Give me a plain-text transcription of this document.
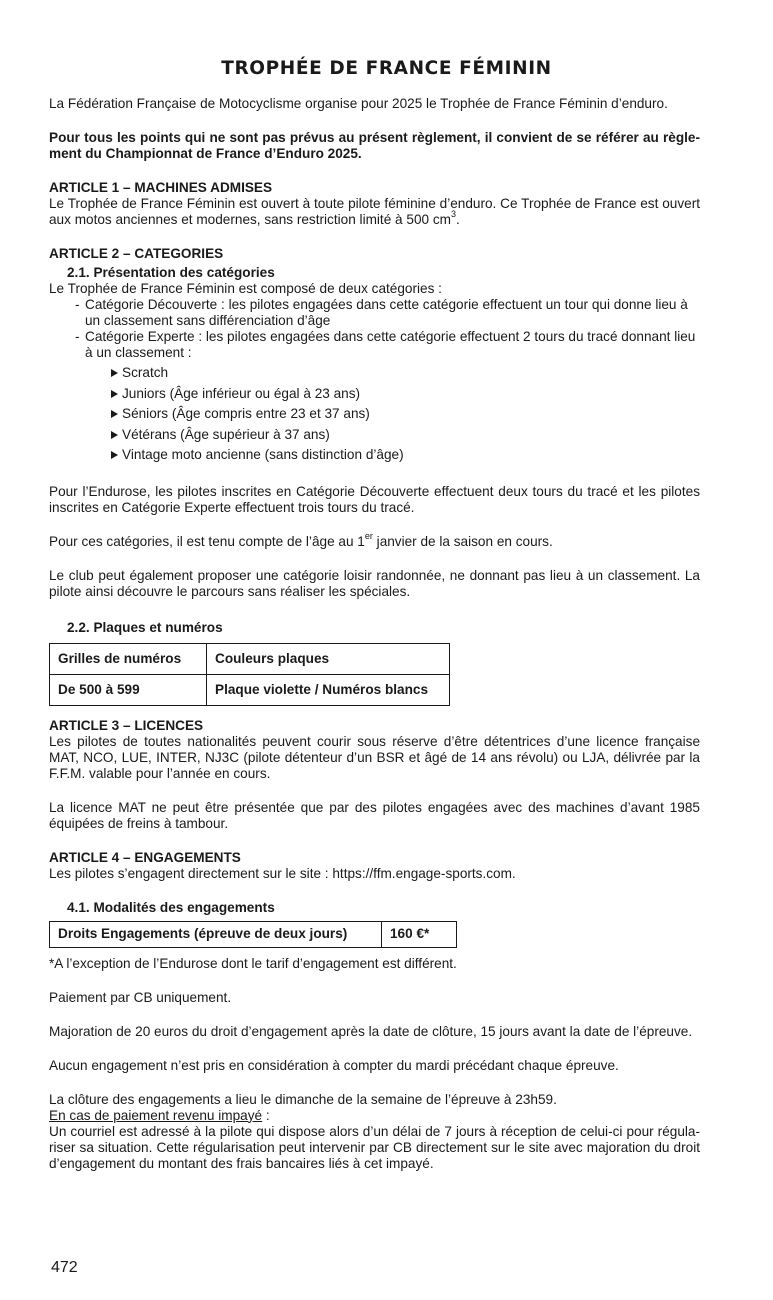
TROPHÉE DE FRANCE FÉMININ

La Fédération Française de Motocyclisme organise pour 2025 le Trophée de France Féminin d’enduro.

Pour tous les points qui ne sont pas prévus au présent règlement, il convient de se référer au règle-ment du Championnat de France d’Enduro 2025.

ARTICLE 1 – MACHINES ADMISES

Le Trophée de France Féminin est ouvert à toute pilote féminine d’enduro. Ce Trophée de France est ouvert aux motos anciennes et modernes, sans restriction limité à 500 $cm^3$.

ARTICLE 2 – CATEGORIES

2.1. Présentation des catégories

Le Trophée de France Féminin est composé de deux catégories :

- Catégorie Découverte : les pilotes engagées dans cette catégorie effectuent un tour qui donne lieu à un classement sans différenciation d’âge
- Catégorie Experte : les pilotes engagées dans cette catégorie effectuent 2 tours du tracé donnant lieu à un classement :
Scratch
Juniors (Âge inférieur ou égal à 23 ans)
Séniors (Âge compris entre 23 et 37 ans)
Vétérans (Âge supérieur à 37 ans)
Vintage moto ancienne (sans distinction d’âge)

Pour l’Endurose, les pilotes inscrites en Catégorie Découverte effectuent deux tours du tracé et les pilotes inscrites en Catégorie Experte effectuent trois tours du tracé.

Pour ces catégories, il est tenu compte de l’âge au 1er janvier de la saison en cours.

Le club peut également proposer une catégorie loisir randonnée, ne donnant pas lieu à un classement. La pilote ainsi découvre le parcours sans réaliser les spéciales.

2.2. Plaques et numéros

Grilles de numéros	Couleurs plaques
De 500 à 599	Plaque violette / Numéros blancs

ARTICLE 3 – LICENCES

Les pilotes de toutes nationalités peuvent courir sous réserve d’être détentrices d’une licence française MAT, NCO, LUE, INTER, NJ3C (pilote détenteur d’un BSR et âgé de 14 ans révolu) ou LJA, délivrée par la F.F.M. valable pour l’année en cours.

La licence MAT ne peut être présentée que par des pilotes engagées avec des machines d’avant 1985 équipées de freins à tambour.

ARTICLE 4 – ENGAGEMENTS

Les pilotes s’engagent directement sur le site : https://ffm.engage-sports.com.

4.1. Modalités des engagements

Droits Engagements (épreuve de deux jours)	160 €*

*A l’exception de l’Endurose dont le tarif d’engagement est différent.

Paiement par CB uniquement.

Majoration de 20 euros du droit d’engagement après la date de clôture, 15 jours avant la date de l’épreuve.

Aucun engagement n’est pris en considération à compter du mardi précédant chaque épreuve.

La clôture des engagements a lieu le dimanche de la semaine de l’épreuve à 23h59.

En cas de paiement revenu impayé :

Un courriel est adressé à la pilote qui dispose alors d’un délai de 7 jours à réception de celui-ci pour régula-riser sa situation. Cette régularisation peut intervenir par CB directement sur le site avec majoration du droit d’engagement du montant des frais bancaires liés à cet impayé.

472
